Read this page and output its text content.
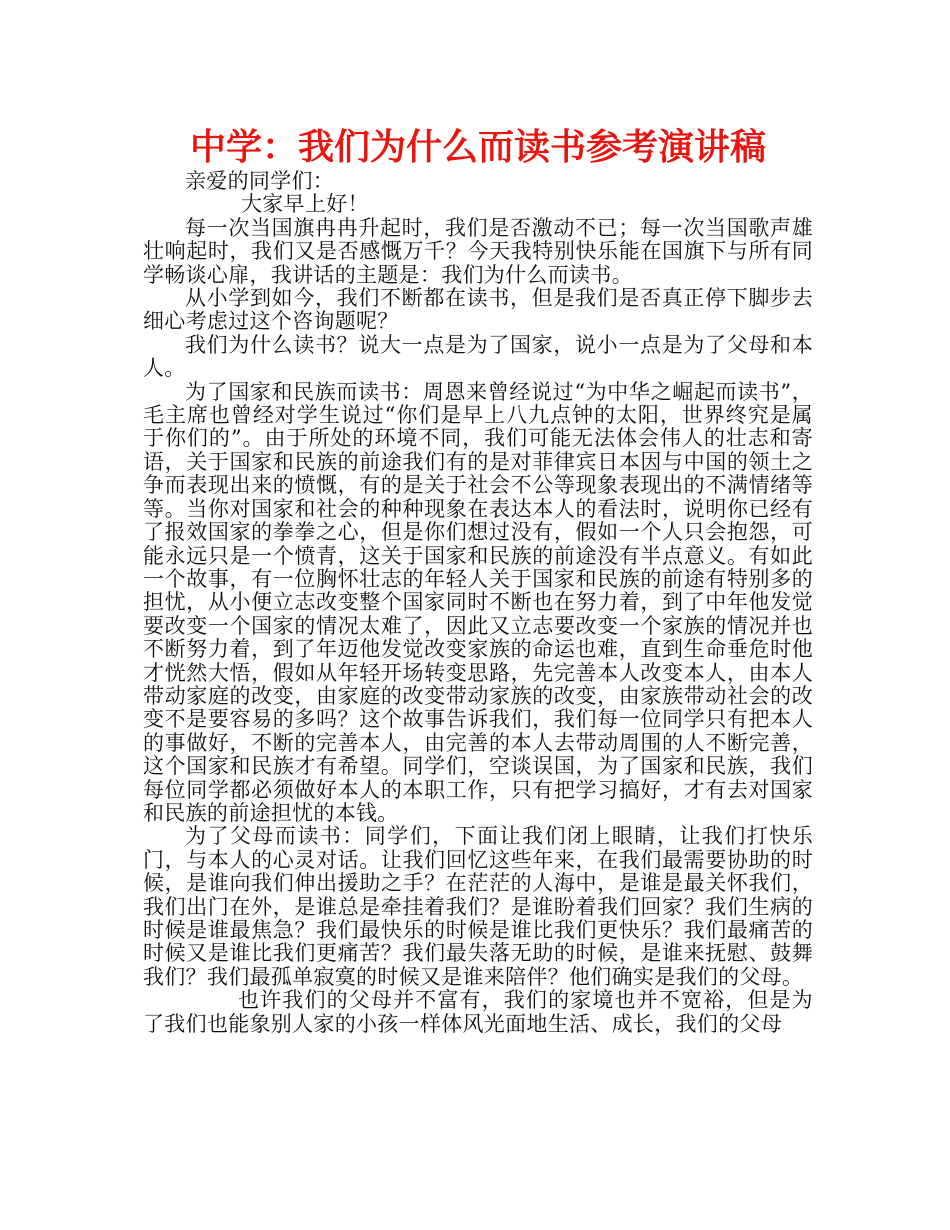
中学：我们为什么而读书参考演讲稿

亲爱的同学们：

大家早上好！

每一次当国旗冉冉升起时，我们是否激动不已；每一次当国歌声雄壮响起时，我们又是否感慨万千？今天我特别快乐能在国旗下与所有同学畅谈心扉，我讲话的主题是：我们为什么而读书。

从小学到如今，我们不断都在读书，但是我们是否真正停下脚步去细心考虑过这个咨询题呢？

我们为什么读书？说大一点是为了国家，说小一点是为了父母和本人。

为了国家和民族而读书：周恩来曾经说过“为中华之崛起而读书”，毛主席也曾经对学生说过“你们是早上八九点钟的太阳，世界终究是属于你们的”。由于所处的环境不同，我们可能无法体会伟人的壮志和寄语，关于国家和民族的前途我们有的是对菲律宾日本因与中国的领土之争而表现出来的愤慨，有的是关于社会不公等现象表现出的不满情绪等等。当你对国家和社会的种种现象在表达本人的看法时，说明你已经有了报效国家的拳拳之心，但是你们想过没有，假如一个人只会抱怨，可能永远只是一个愤青，这关于国家和民族的前途没有半点意义。有如此一个故事，有一位胸怀壮志的年轻人关于国家和民族的前途有特别多的担忧，从小便立志改变整个国家同时不断也在努力着，到了中年他发觉要改变一个国家的情况太难了，因此又立志要改变一个家族的情况并也不断努力着，到了年迈他发觉改变家族的命运也难，直到生命垂危时他才恍然大悟，假如从年轻开场转变思路，先完善本人改变本人，由本人带动家庭的改变，由家庭的改变带动家族的改变，由家族带动社会的改变不是要容易的多吗？这个故事告诉我们，我们每一位同学只有把本人的事做好，不断的完善本人，由完善的本人去带动周围的人不断完善，这个国家和民族才有希望。同学们，空谈误国，为了国家和民族，我们每位同学都必须做好本人的本职工作，只有把学习搞好，才有去对国家和民族的前途担忧的本钱。

为了父母而读书：同学们，下面让我们闭上眼睛，让我们打快乐门，与本人的心灵对话。让我们回忆这些年来，在我们最需要协助的时候，是谁向我们伸出援助之手？在茫茫的人海中，是谁是最关怀我们，我们出门在外，是谁总是牵挂着我们？是谁盼着我们回家？我们生病的时候是谁最焦急？我们最快乐的时候是谁比我们更快乐？我们最痛苦的时候又是谁比我们更痛苦？我们最失落无助的时候，是谁来抚慰、鼓舞我们？我们最孤单寂寞的时候又是谁来陪伴？他们确实是我们的父母。

也许我们的父母并不富有，我们的家境也并不宽裕，但是为了我们也能象别人家的小孩一样体风光面地生活、成长，我们的父母
